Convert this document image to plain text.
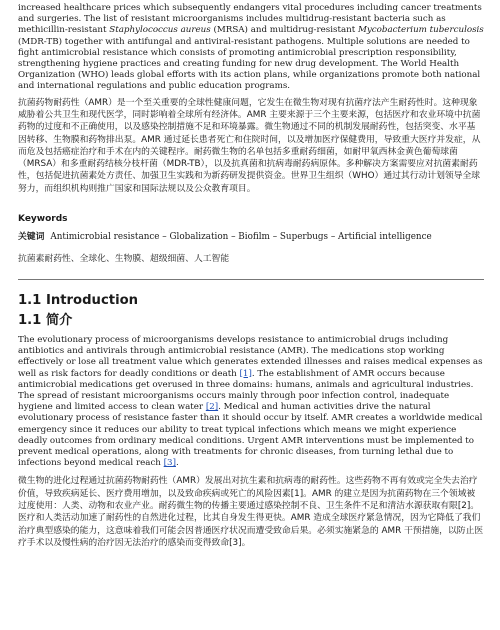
increased healthcare prices which subsequently endangers vital procedures including cancer treatments and surgeries. The list of resistant microorganisms includes multidrug-resistant bacteria such as methicillin-resistant Staphylococcus aureus (MRSA) and multidrug-resistant Mycobacterium tuberculosis (MDR-TB) together with antifungal and antiviral-resistant pathogens. Multiple solutions are needed to fight antimicrobial resistance which consists of promoting antimicrobial prescription responsibility, strengthening hygiene practices and creating funding for new drug development. The World Health Organization (WHO) leads global efforts with its action plans, while organizations promote both national and international regulations and public education programs.

抗菌药物耐药性（AMR）是一个至关重要的全球性健康问题，它发生在微生物对现有抗菌疗法产生耐药性时。这种现象威胁着公共卫生和现代医学，同时影响着全球所有经济体。AMR 主要来源于三个主要来源，包括医疗和农业环境中抗菌药物的过度和不正确使用，以及感染控制措施不足和环境暴露。微生物通过不同的机制发展耐药性，包括突变、水平基因转移、生物膜和药物排出泵。AMR 通过延长患者死亡和住院时间，以及增加医疗保健费用，导致重大医疗并发症，从而危及包括癌症治疗和手术在内的关键程序。耐药微生物的名单包括多重耐药细菌，如耐甲氧西林金黄色葡萄球菌（MRSA）和多重耐药结核分枝杆菌（MDR-TB），以及抗真菌和抗病毒耐药病原体。多种解决方案需要应对抗菌素耐药性，包括促进抗菌素处方责任、加强卫生实践和为新药研发提供资金。世界卫生组织（WHO）通过其行动计划领导全球努力，而组织机构则推广国家和国际法规以及公众教育项目。

Keywords
关键词 Antimicrobial resistance – Globalization – Biofilm – Superbugs – Artificial intelligence
抗菌素耐药性、全球化、生物膜、超级细菌、人工智能
1.1 Introduction
1.1 简介

The evolutionary process of microorganisms develops resistance to antimicrobial drugs including antibiotics and antivirals through antimicrobial resistance (AMR). The medications stop working effectively or lose all treatment value which generates extended illnesses and raises medical expenses as well as risk factors for deadly conditions or death [1]. The establishment of AMR occurs because antimicrobial medications get overused in three domains: humans, animals and agricultural industries. The spread of resistant microorganisms occurs mainly through poor infection control, inadequate hygiene and limited access to clean water [2]. Medical and human activities drive the natural evolutionary process of resistance faster than it should occur by itself. AMR creates a worldwide medical emergency since it reduces our ability to treat typical infections which means we might experience deadly outcomes from ordinary medical conditions. Urgent AMR interventions must be implemented to prevent medical operations, along with treatments for chronic diseases, from turning lethal due to infections beyond medical reach [3].

微生物的进化过程通过抗菌药物耐药性（AMR）发展出对抗生素和抗病毒的耐药性。这些药物不再有效或完全失去治疗价值，导致疾病延长、医疗费用增加，以及致命疾病或死亡的风险因素[1]。AMR 的建立是因为抗菌药物在三个领域被过度使用：人类、动物和农业产业。耐药微生物的传播主要通过感染控制不良、卫生条件不足和清洁水源获取有限[2]。医疗和人类活动加速了耐药性的自然进化过程，比其自身发生得更快。AMR 造成全球医疗紧急情况，因为它降低了我们治疗典型感染的能力，这意味着我们可能会因普通医疗状况而遭受致命后果。必须实施紧急的 AMR 干预措施，以防止医疗手术以及慢性病的治疗因无法治疗的感染而变得致命[3]。
